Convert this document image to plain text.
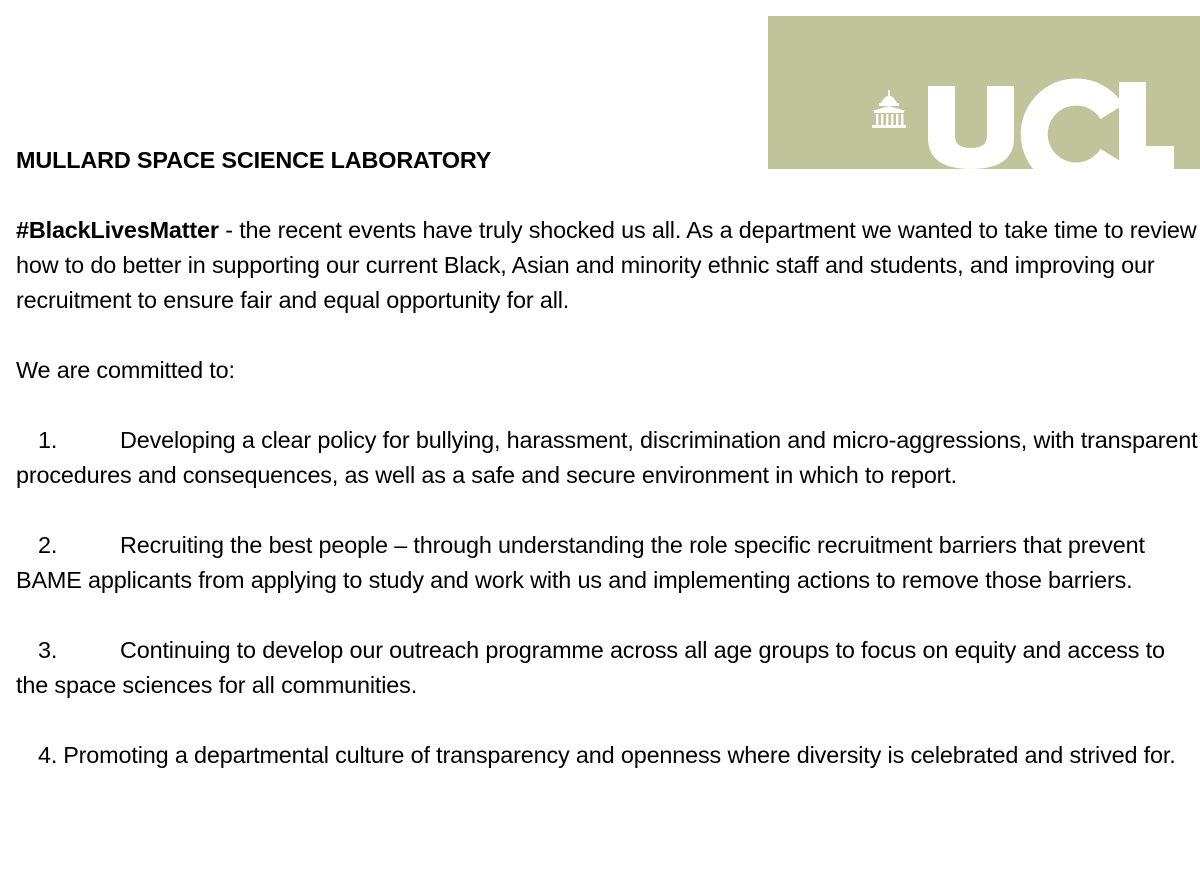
UCL

MULLARD SPACE SCIENCE LABORATORY

#BlackLivesMatter - the recent events have truly shocked us all. As a department we wanted to take time to review how to do better in supporting our current Black, Asian and minority ethnic staff and students, and improving our recruitment to ensure fair and equal opportunity for all.

We are committed to:

1.	Developing a clear policy for bullying, harassment, discrimination and micro-aggressions, with transparent procedures and consequences, as well as a safe and secure environment in which to report.

2.	Recruiting the best people – through understanding the role specific recruitment barriers that prevent BAME applicants from applying to study and work with us and implementing actions to remove those barriers.

3.	Continuing to develop our outreach programme across all age groups to focus on equity and access to the space sciences for all communities.

4. Promoting a departmental culture of transparency and openness where diversity is celebrated and strived for.
